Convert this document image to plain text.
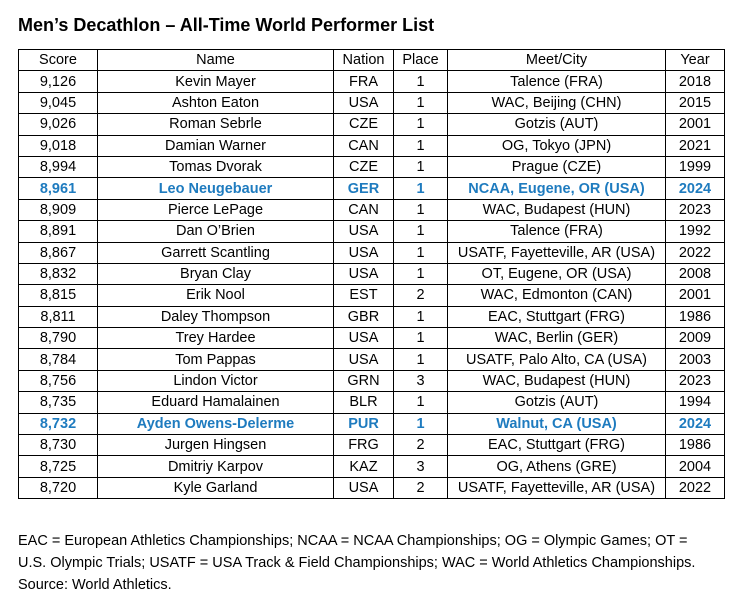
Men’s Decathlon – All-Time World Performer List
Score	Name	Nation	Place	Meet/City	Year
9,126	Kevin Mayer	FRA	1	Talence (FRA)	2018
9,045	Ashton Eaton	USA	1	WAC, Beijing (CHN)	2015
9,026	Roman Sebrle	CZE	1	Gotzis (AUT)	2001
9,018	Damian Warner	CAN	1	OG, Tokyo (JPN)	2021
8,994	Tomas Dvorak	CZE	1	Prague (CZE)	1999
8,961	Leo Neugebauer	GER	1	NCAA, Eugene, OR (USA)	2024
8,909	Pierce LePage	CAN	1	WAC, Budapest (HUN)	2023
8,891	Dan O’Brien	USA	1	Talence (FRA)	1992
8,867	Garrett Scantling	USA	1	USATF, Fayetteville, AR (USA)	2022
8,832	Bryan Clay	USA	1	OT, Eugene, OR (USA)	2008
8,815	Erik Nool	EST	2	WAC, Edmonton (CAN)	2001
8,811	Daley Thompson	GBR	1	EAC, Stuttgart (FRG)	1986
8,790	Trey Hardee	USA	1	WAC, Berlin (GER)	2009
8,784	Tom Pappas	USA	1	USATF, Palo Alto, CA (USA)	2003
8,756	Lindon Victor	GRN	3	WAC, Budapest (HUN)	2023
8,735	Eduard Hamalainen	BLR	1	Gotzis (AUT)	1994
8,732	Ayden Owens-Delerme	PUR	1	Walnut, CA (USA)	2024
8,730	Jurgen Hingsen	FRG	2	EAC, Stuttgart (FRG)	1986
8,725	Dmitriy Karpov	KAZ	3	OG, Athens (GRE)	2004
8,720	Kyle Garland	USA	2	USATF, Fayetteville, AR (USA)	2022

EAC = European Athletics Championships; NCAA = NCAA Championships; OG = Olympic Games; OT = U.S. Olympic Trials; USATF = USA Track & Field Championships; WAC = World Athletics Championships. Source: World Athletics.
